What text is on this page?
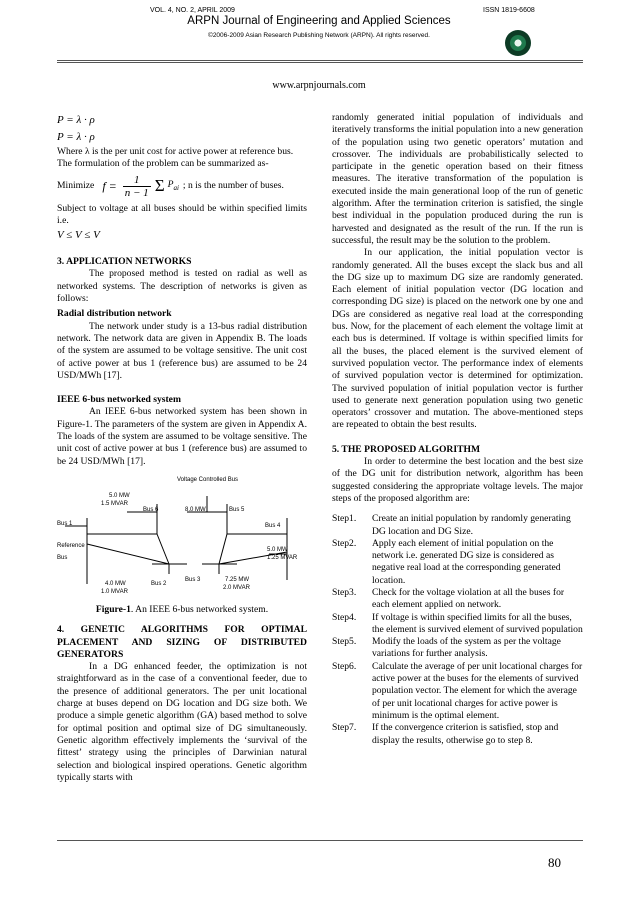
VOL. 4, NO. 2, APRIL 2009	ISSN 1819-6608
ARPN Journal of Engineering and Applied Sciences
©2006-2009 Asian Research Publishing Network (ARPN). All rights reserved.
www.arpnjournals.com
P = λ · ρ
P = λ · ρ

Where λ is the per unit cost for active power at reference bus.

The formulation of the problem can be summarized as-

Minimize $f = \frac{1}{n - 1}$ Σ $P_{ai}$ ; n is the number of buses.

Subject to voltage at all buses should be within specified limits i.e.

V ≤ V ≤ V

3. APPLICATION NETWORKS

The proposed method is tested on radial as well as networked systems. The description of networks is given as follows:

Radial distribution network

The network under study is a 13-bus radial distribution network. The network data are given in Appendix B. The loads of the system are assumed to be voltage sensitive. The unit cost of active power at bus 1 (reference bus) are assumed to be 24 USD/MWh [17].

IEEE 6-bus networked system

An IEEE 6-bus networked system has been shown in Figure-1. The parameters of the system are given in Appendix A. The loads of the system are assumed to be voltage sensitive. The unit cost of active power at bus 1 (reference bus) are assumed to be 24 USD/MWh [17].

Voltage Controlled Bus
5.0 MW
1.5 MVAR
Bus 6	8.0 MW	Bus 5
Bus 1	Bus 4
Reference Bus
5.0 MW
1.25 MVAR
4.0 MW
1.0 MVAR
Bus 2
Bus 3	7.25 MW
2.0 MVAR

Figure-1. An IEEE 6-bus networked system.

4. GENETIC ALGORITHMS FOR OPTIMAL PLACEMENT AND SIZING OF DISTRIBUTED GENERATORS

In a DG enhanced feeder, the optimization is not straightforward as in the case of a conventional feeder, due to the presence of additional generators. The per unit locational charge at buses depend on DG location and DG size both. We produce a simple genetic algorithm (GA) based method to solve for optimal position and optimal size of DG simultaneously. Genetic algorithm effectively implements the ‘survival of the fittest’ strategy using the principles of Darwinian natural selection and biological inspired operations. Genetic algorithm typically starts with

randomly generated initial population of individuals and iteratively transforms the initial population into a new generation of the population using two genetic operators’ mutation and crossover. The individuals are probabilistically selected to participate in the genetic operation based on their fitness measures. The iterative transformation of the population is executed inside the main generational loop of the run of genetic algorithm. After the termination criterion is satisfied, the single best individual in the population produced during the run is harvested and designated as the result of the run. If the run is successful, the result may be the solution to the problem.

In our application, the initial population vector is randomly generated. All the buses except the slack bus and all the DG size up to maximum DG size are randomly generated. Each element of initial population vector (DG location and corresponding DG size) is placed on the network one by one and DGs are considered as negative real load at the corresponding bus. Now, for the placement of each element the voltage limit at each bus is determined. If voltage is within specified limits for all the buses, the placed element is the survived element of survived population vector. The performance index of elements of survived population vector is determined for optimization. The survived population of initial population vector is further used to generate next generation population using two genetic operators’ crossover and mutation. The above-mentioned steps are repeated to obtain the best results.

5. THE PROPOSED ALGORITHM

In order to determine the best location and the best size of the DG unit for distribution network, algorithm has been suggested considering the appropriate voltage levels. The major steps of the proposed algorithm are:

Step1.	Create an initial population by randomly generating DG location and DG Size.
Step2.	Apply each element of initial population on the network i.e. generated DG size is considered as negative real load at the corresponding generated location.
Step3.	Check for the voltage violation at all the buses for each element applied on network.
Step4.	If voltage is within specified limits for all the buses, the element is survived element of survived population
Step5.	Modify the loads of the system as per the voltage variations for further analysis.
Step6.	Calculate the average of per unit locational charges for active power at the buses for the elements of survived population vector. The element for which the average of per unit locational charges for active power is minimum is the optimal element.
Step7.	If the convergence criterion is satisfied, stop and display the results, otherwise go to step 8.
80
